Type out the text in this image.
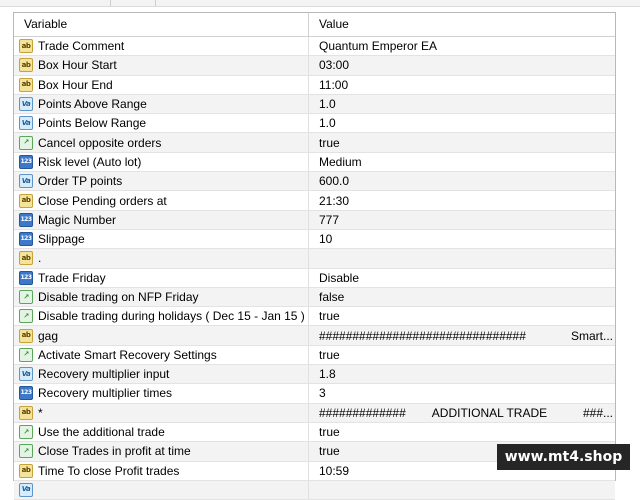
Variable	Value
ab Trade Comment	Quantum Emperor EA
ab Box Hour Start	03:00
ab Box Hour End	11:00
Va Points Above Range	1.0
Va Points Below Range	1.0
↗ Cancel opposite orders	true
123 Risk level (Auto lot)	Medium
Va Order TP points	600.0
ab Close Pending orders at	21:30
123 Magic Number	777
123 Slippage	10
ab .
123 Trade Friday	Disable
↗ Disable trading on NFP Friday	false
↗ Disable trading during holidays ( Dec 15 - Jan 15 ) true
ab gag	###############################	Smart...
↗ Activate Smart Recovery Settings	true
Va Recovery multiplier input	1.8
123 Recovery multiplier times	3
ab *	#############        ADDITIONAL TRADE	###...
↗ Use the additional trade	true
↗ Close Trades in profit at time	true
ab Time To close Profit trades	10:59
Va
www.mt4.shop
